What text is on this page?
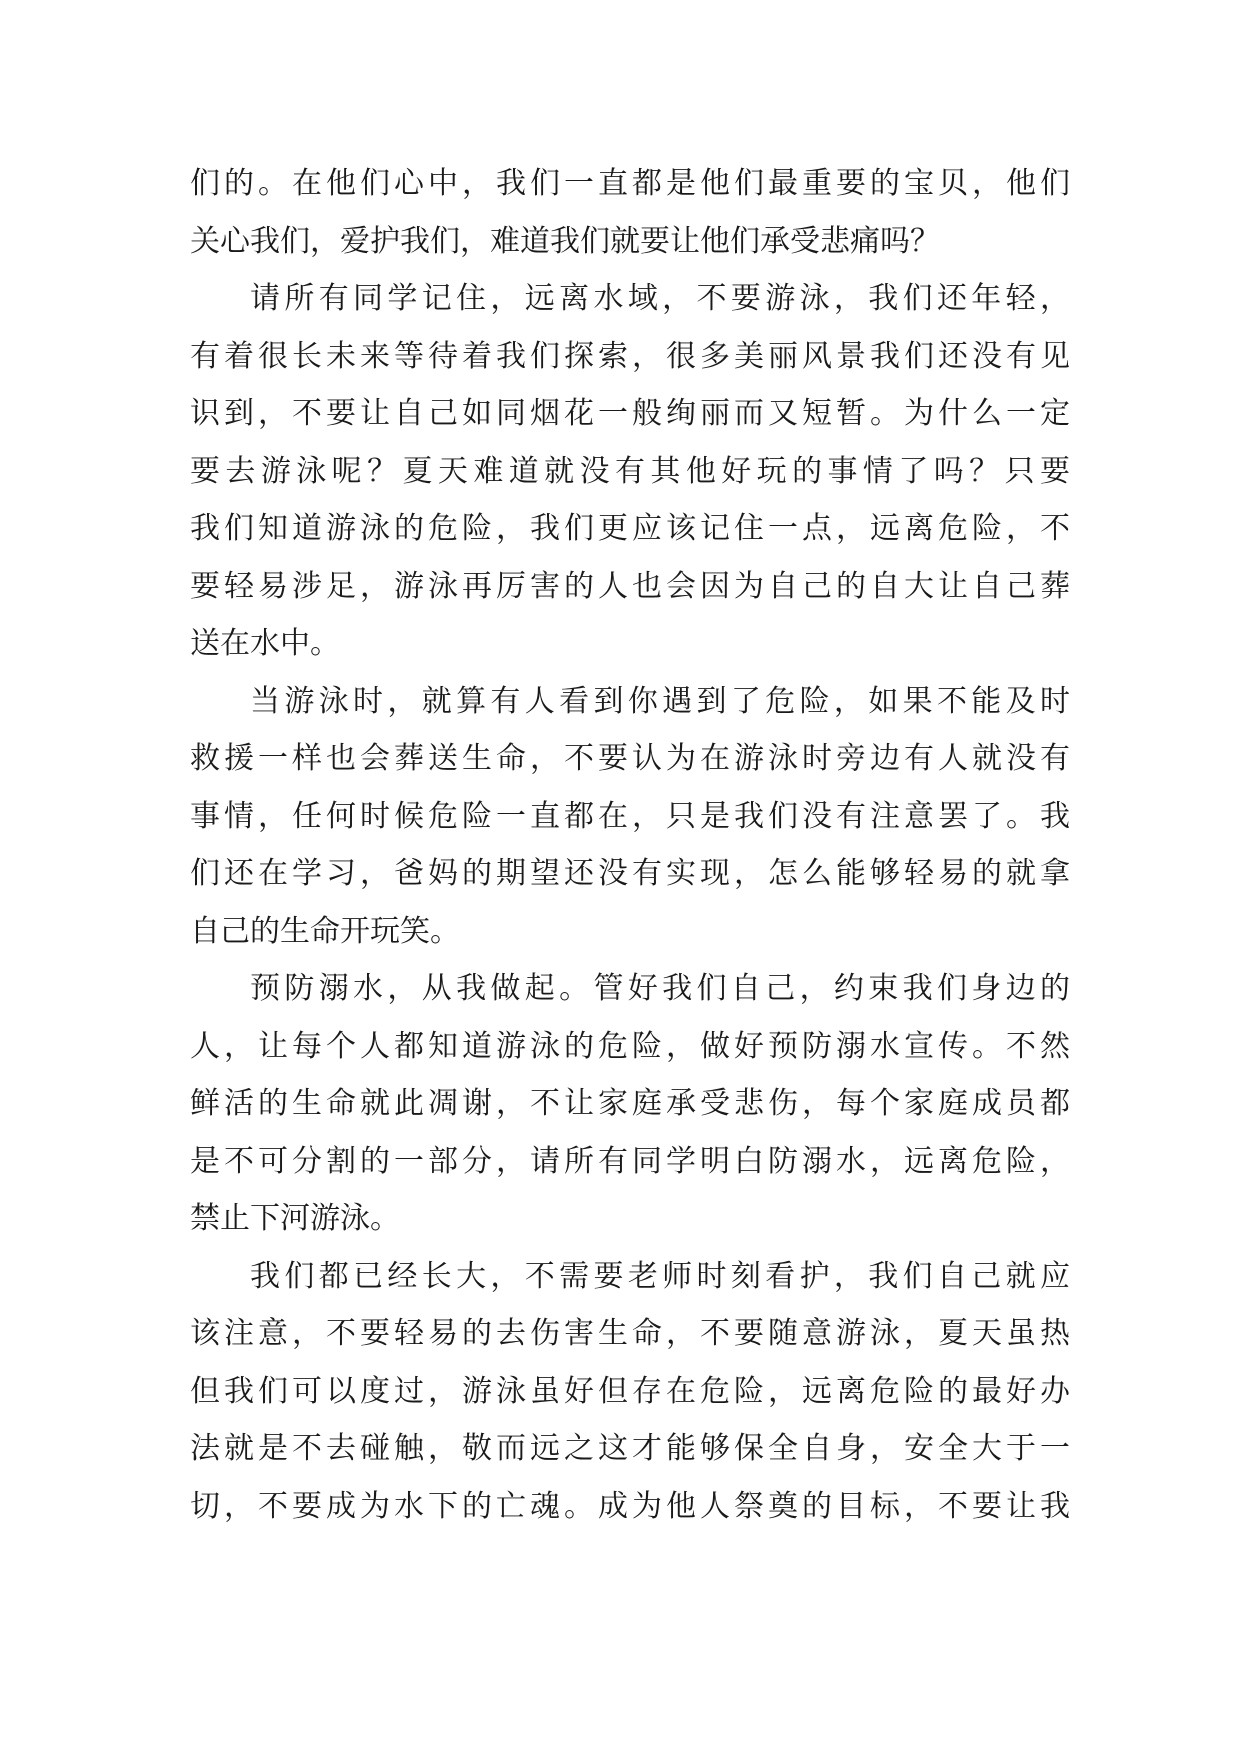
们的。在他们心中，我们一直都是他们最重要的宝贝，他们
关心我们，爱护我们，难道我们就要让他们承受悲痛吗？
请所有同学记住，远离水域，不要游泳，我们还年轻，
有着很长未来等待着我们探索，很多美丽风景我们还没有见
识到，不要让自己如同烟花一般绚丽而又短暂。为什么一定
要去游泳呢？夏天难道就没有其他好玩的事情了吗？只要
我们知道游泳的危险，我们更应该记住一点，远离危险，不
要轻易涉足，游泳再厉害的人也会因为自己的自大让自己葬
送在水中。
当游泳时，就算有人看到你遇到了危险，如果不能及时
救援一样也会葬送生命，不要认为在游泳时旁边有人就没有
事情，任何时候危险一直都在，只是我们没有注意罢了。我
们还在学习，爸妈的期望还没有实现，怎么能够轻易的就拿
自己的生命开玩笑。
预防溺水，从我做起。管好我们自己，约束我们身边的
人，让每个人都知道游泳的危险，做好预防溺水宣传。不然
鲜活的生命就此凋谢，不让家庭承受悲伤，每个家庭成员都
是不可分割的一部分，请所有同学明白防溺水，远离危险，
禁止下河游泳。
我们都已经长大，不需要老师时刻看护，我们自己就应
该注意，不要轻易的去伤害生命，不要随意游泳，夏天虽热
但我们可以度过，游泳虽好但存在危险，远离危险的最好办
法就是不去碰触，敬而远之这才能够保全自身，安全大于一
切，不要成为水下的亡魂。成为他人祭奠的目标，不要让我
